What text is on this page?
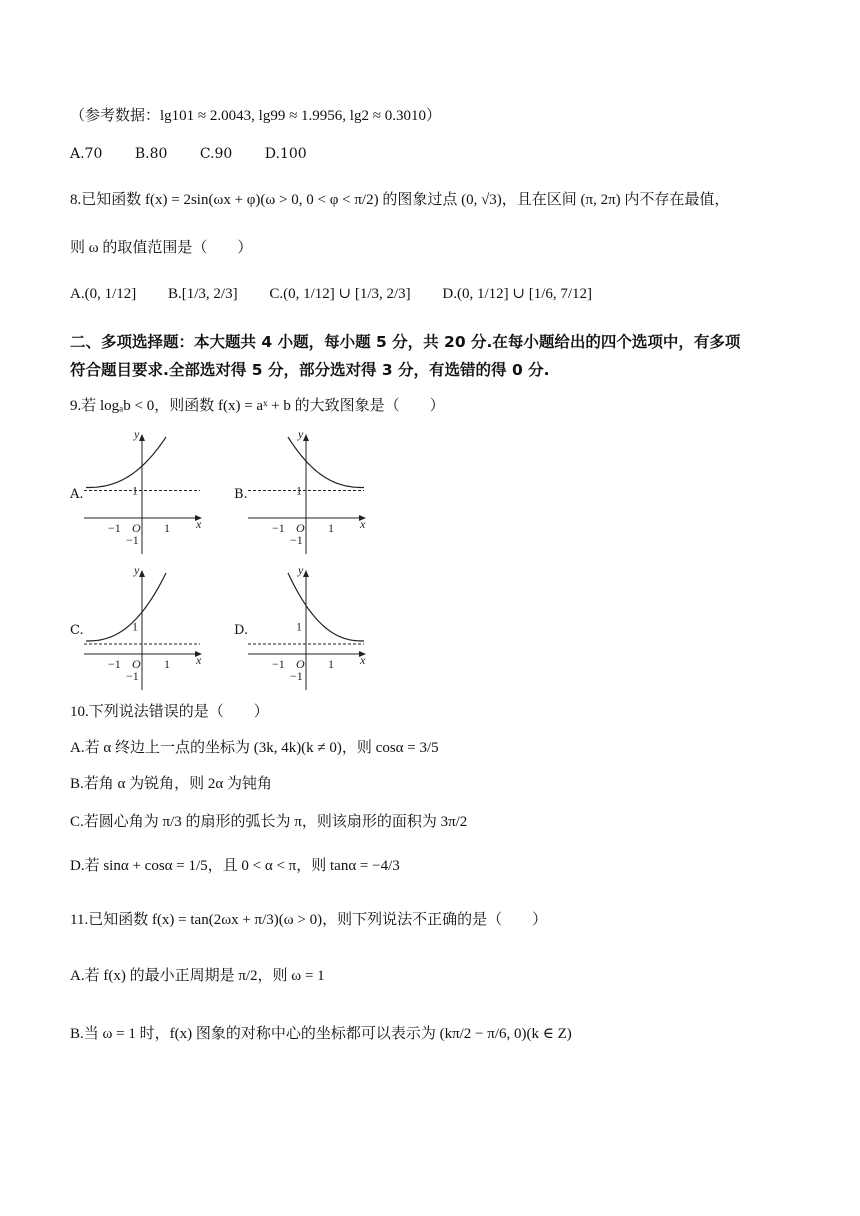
（参考数据：lg101 ≈ 2.0043, lg99 ≈ 1.9956, lg2 ≈ 0.3010）
A.70 B.80 C.90 D.100
8.已知函数 f(x) = 2sin(ωx + φ)(ω > 0, 0 < φ < π/2) 的图象过点 (0, √3)，且在区间 (π, 2π) 内不存在最值，
则 ω 的取值范围是（　　）
A.(0, 1/12] B.[1/3, 2/3] C.(0, 1/12] ∪ [1/3, 2/3] D.(0, 1/12] ∪ [1/6, 7/12]
二、多项选择题：本大题共 4 小题，每小题 5 分，共 20 分.在每小题给出的四个选项中，有多项
符合题目要求.全部选对得 5 分，部分选对得 3 分，有选错的得 0 分.
9.若 logₐb < 0，则函数 f(x) = aˣ + b 的大致图象是（　　）
A.	B.
C.	D.
y
x
O
−1	1
1
−1
y
x
O
−1	1
1
−1
y
x
O
−1	1
1
−1
y
x
O
−1	1
1
−1
10.下列说法错误的是（　　）
A.若 α 终边上一点的坐标为 (3k, 4k)(k ≠ 0)，则 cosα = 3/5
B.若角 α 为锐角，则 2α 为钝角
C.若圆心角为 π/3 的扇形的弧长为 π，则该扇形的面积为 3π/2
D.若 sinα + cosα = 1/5，且 0 < α < π，则 tanα = −4/3
11.已知函数 f(x) = tan(2ωx + π/3)(ω > 0)，则下列说法不正确的是（　　）
A.若 f(x) 的最小正周期是 π/2，则 ω = 1
B.当 ω = 1 时，f(x) 图象的对称中心的坐标都可以表示为 (kπ/2 − π/6, 0)(k ∈ Z)
